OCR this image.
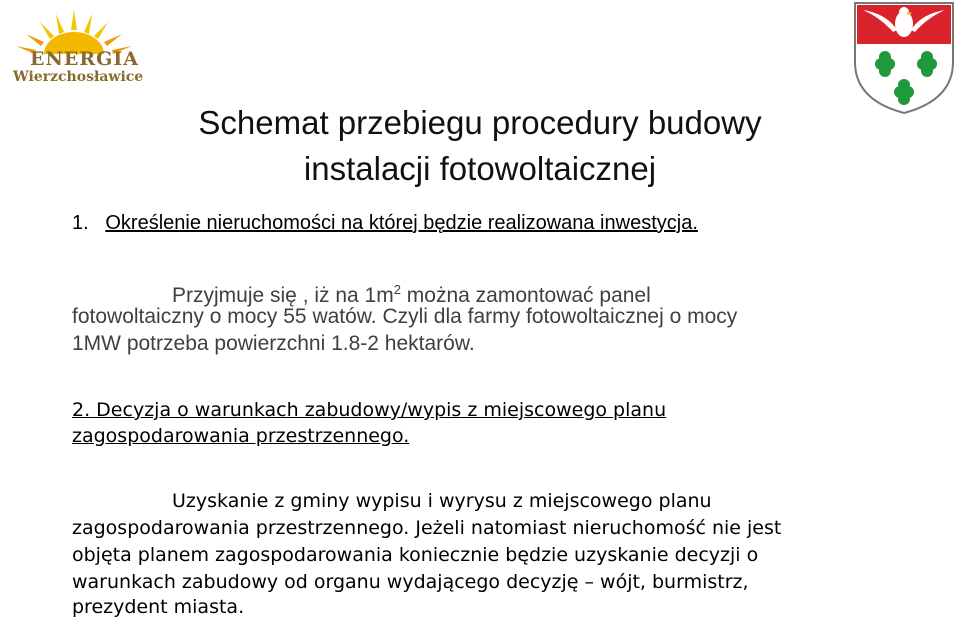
ENERGIA
Wierzchosławice
Schemat przebiegu procedury budowy
instalacji fotowoltaicznej
1. Określenie nieruchomości na której będzie realizowana inwestycja.
Przyjmuje się , iż na $1m^2$ można zamontować panel
fotowoltaiczny o mocy 55 watów. Czyli dla farmy fotowoltaicznej o mocy
1MW potrzeba powierzchni 1.8-2 hektarów.
2. Decyzja o warunkach zabudowy/wypis z miejscowego planu
zagospodarowania przestrzennego.
Uzyskanie z gminy wypisu i wyrysu z miejscowego planu
zagospodarowania przestrzennego. Jeżeli natomiast nieruchomość nie jest
objęta planem zagospodarowania koniecznie będzie uzyskanie decyzji o
warunkach zabudowy od organu wydającego decyzję – wójt, burmistrz,
prezydent miasta.
